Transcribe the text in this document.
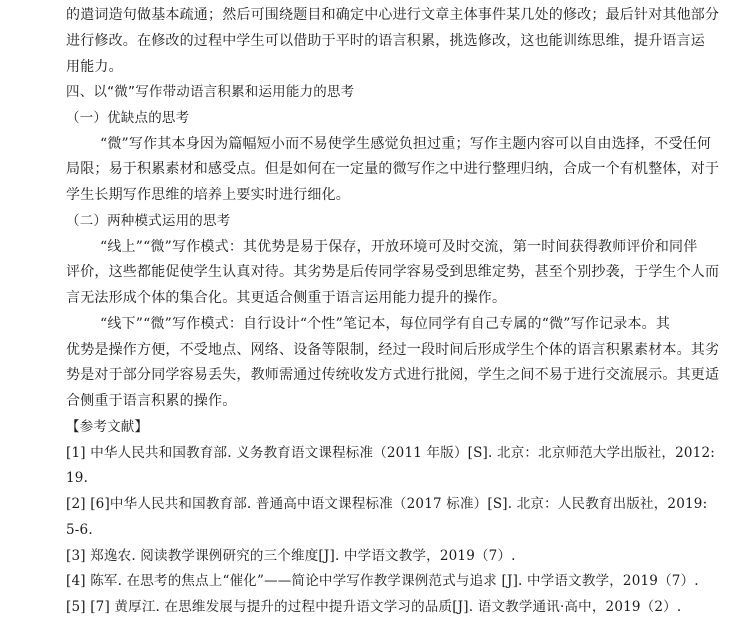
的遣词造句做基本疏通；然后可围绕题目和确定中心进行文章主体事件某几处的修改；最后针对其他部分
进行修改。在修改的过程中学生可以借助于平时的语言积累，挑选修改，这也能训练思维，提升语言运
用能力。
四、以“微”写作带动语言积累和运用能力的思考
（一）优缺点的思考
“微”写作其本身因为篇幅短小而不易使学生感觉负担过重；写作主题内容可以自由选择，不受任何
局限；易于积累素材和感受点。但是如何在一定量的微写作之中进行整理归纳，合成一个有机整体，对于
学生长期写作思维的培养上要实时进行细化。
（二）两种模式运用的思考
“线上”“微”写作模式：其优势是易于保存，开放环境可及时交流，第一时间获得教师评价和同伴
评价，这些都能促使学生认真对待。其劣势是后传同学容易受到思维定势，甚至个别抄袭，于学生个人而
言无法形成个体的集合化。其更适合侧重于语言运用能力提升的操作。
“线下”“微”写作模式：自行设计“个性”笔记本，每位同学有自己专属的“微”写作记录本。其
优势是操作方便，不受地点、网络、设备等限制，经过一段时间后形成学生个体的语言积累素材本。其劣
势是对于部分同学容易丢失，教师需通过传统收发方式进行批阅，学生之间不易于进行交流展示。其更适
合侧重于语言积累的操作。
【参考文献】
[1] 中华人民共和国教育部. 义务教育语文课程标准（2011 年版）[S]. 北京：北京师范大学出版社，2012:
19.
[2] [6]中华人民共和国教育部. 普通高中语文课程标准（2017 标准）[S]. 北京：人民教育出版社，2019:
5-6.
[3] 郑逸农. 阅读教学课例研究的三个维度[J]. 中学语文教学，2019（7）.
[4] 陈军. 在思考的焦点上“催化”——简论中学写作教学课例范式与追求 [J]. 中学语文教学，2019（7）.
[5] [7] 黄厚江. 在思维发展与提升的过程中提升语文学习的品质[J]. 语文教学通讯·高中，2019（2）.
